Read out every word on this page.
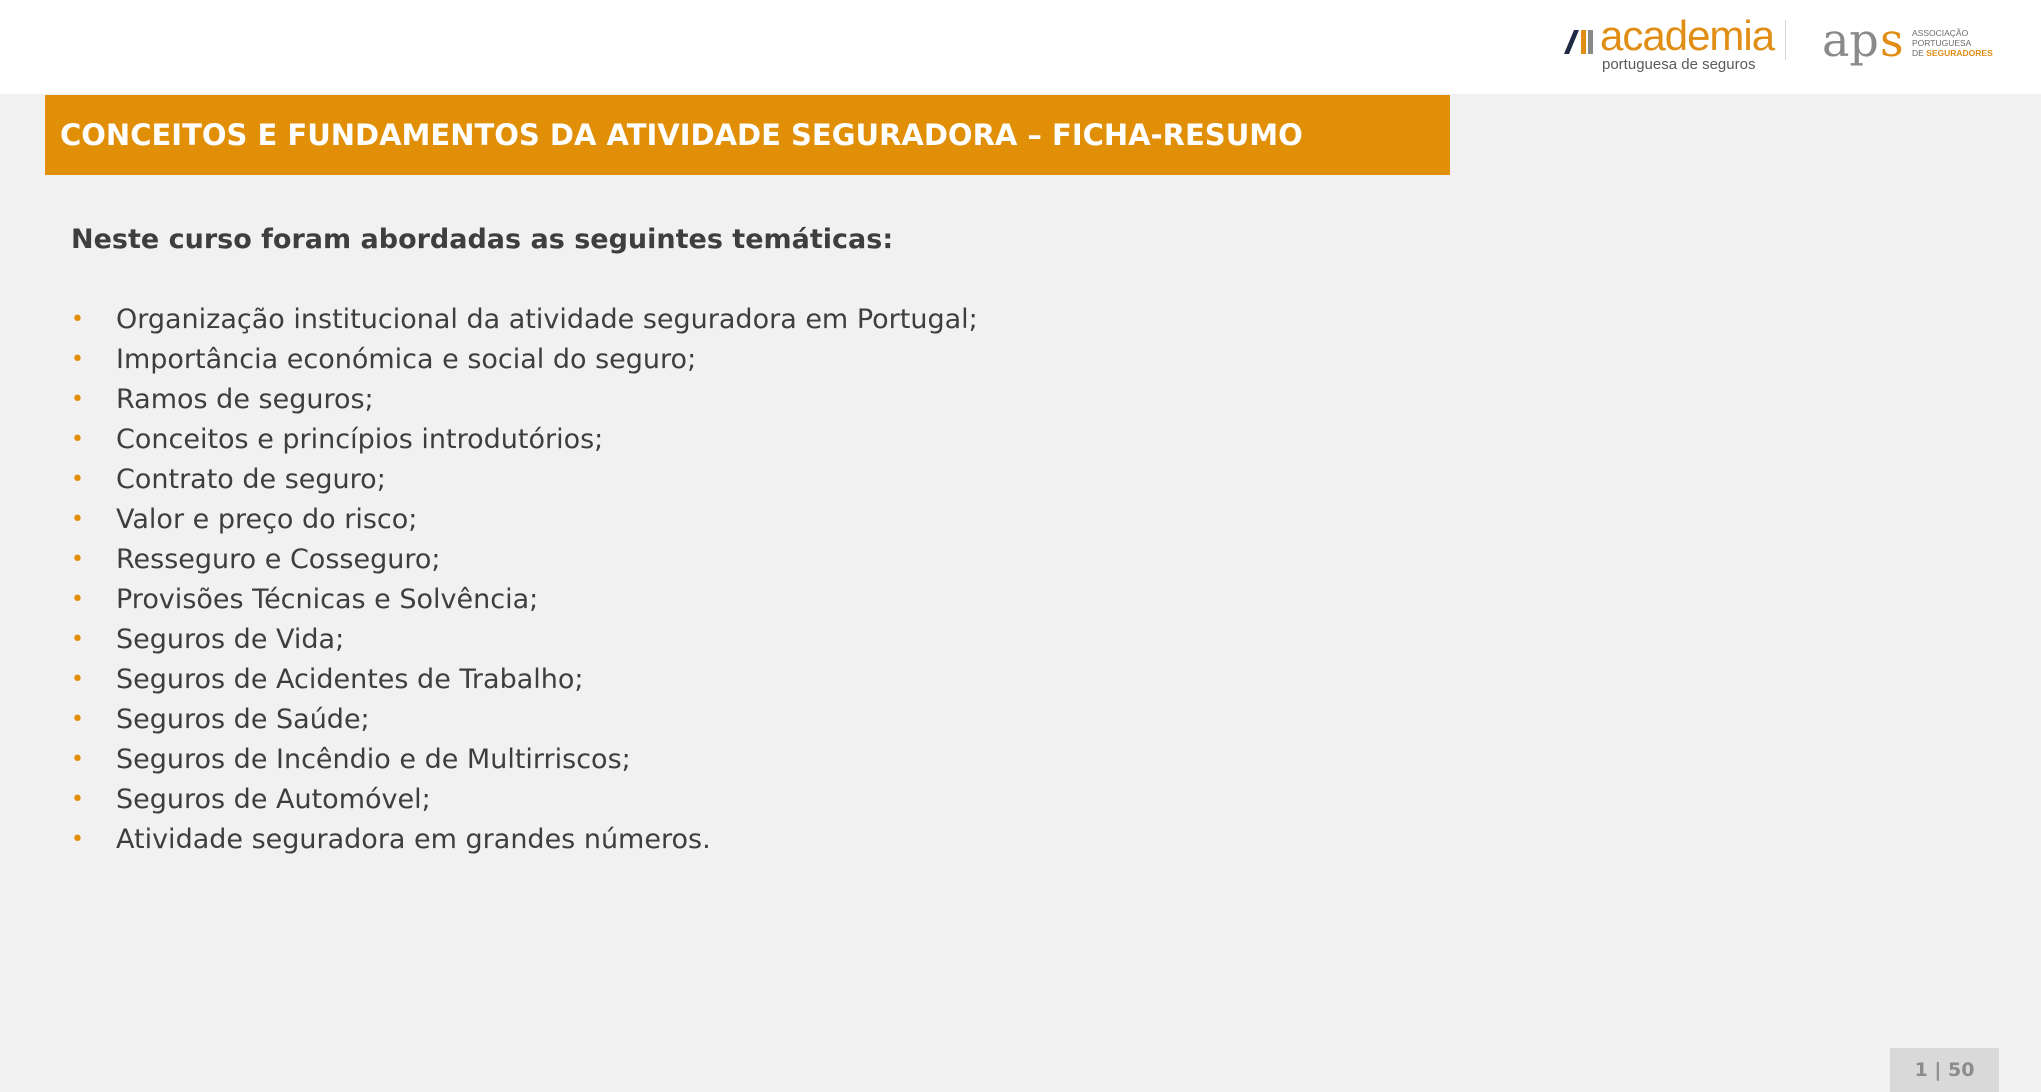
academia
portuguesa de seguros ap s ASSOCIAÇÃO
PORTUGUESA
DE SEGURADORES
CONCEITOS E FUNDAMENTOS DA ATIVIDADE SEGURADORA – FICHA-RESUMO
Neste curso foram abordadas as seguintes temáticas:
• Organização institucional da atividade seguradora em Portugal;
• Importância económica e social do seguro;
• Ramos de seguros;
• Conceitos e princípios introdutórios;
• Contrato de seguro;
• Valor e preço do risco;
• Resseguro e Cosseguro;
• Provisões Técnicas e Solvência;
• Seguros de Vida;
• Seguros de Acidentes de Trabalho;
• Seguros de Saúde;
• Seguros de Incêndio e de Multirriscos;
• Seguros de Automóvel;
• Atividade seguradora em grandes números.
1 | 50
